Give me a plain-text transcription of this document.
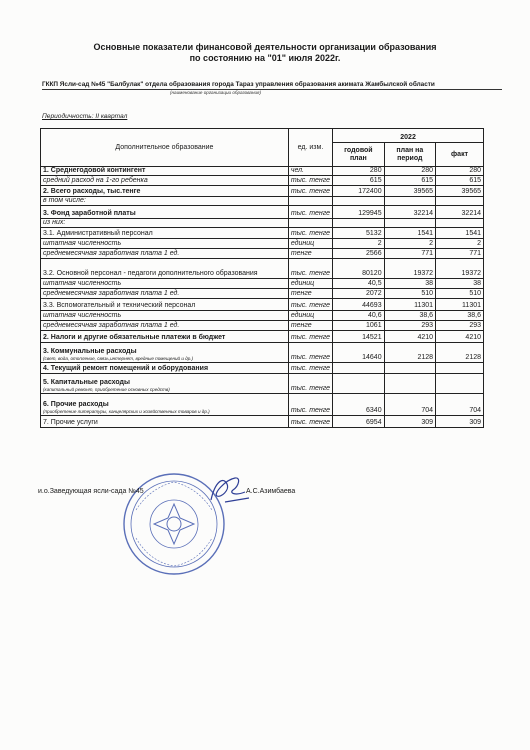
Основные показатели финансовой деятельности организации образования
по состоянию на "01" июля 2022г.
ГККП Ясли-сад №45 "Балбулак" отдела образования города Тараз управления образования акимата Жамбылской области
(наименование организации образования)
Периодичность: II квартал
Дополнительное образование	ед. изм.	2022		
		годовой план	план на период	факт
1. Среднегодовой контингент	чел.	280	280	280
средний расход на 1-го ребенка	тыс. тенге	615	615	615
2. Всего расходы, тыс.тенге	тыс. тенге	172400	39565	39565
в том числе:				
3. Фонд заработной платы	тыс. тенге	129945	32214	32214
из них:				
3.1. Административный персонал	тыс. тенге	5132	1541	1541
штатная численность	единиц	2	2	2
среднемесячная заработная плата 1 ед.	тенге	2566	771	771
3.2. Основной персонал - педагоги дополнительного образования	тыс. тенге	80120	19372	19372
штатная численность	единиц	40,5	38	38
среднемесячная заработная плата 1 ед.	тенге	2072	510	510
3.3. Вспомогательный и технический персонал	тыс. тенге	44693	11301	11301
штатная численность	единиц	40,6	38,6	38,6
среднемесячная заработная плата 1 ед.	тенге	1061	293	293
2. Налоги и другие обязательные платежи в бюджет	тыс. тенге	14521	4210	4210
3. Коммунальные расходы
(свет, вода, отопление, связь,интернет, вредные помещений и др.)	тыс. тенге	14640	2128	2128
4. Текущий ремонт помещений и оборудования	тыс. тенге			
5. Капитальные расходы
(капитальный ремонт, приобретение основных средств)	тыс. тенге			
6. Прочие расходы
(приобретение литературы, канцелярских и хозяйственных товаров и др.)	тыс. тенге	6340	704	704
7. Прочие услуги	тыс. тенге	6954	309	309
и.о.Заведующая ясли-сада №45	А.С.Азимбаева
